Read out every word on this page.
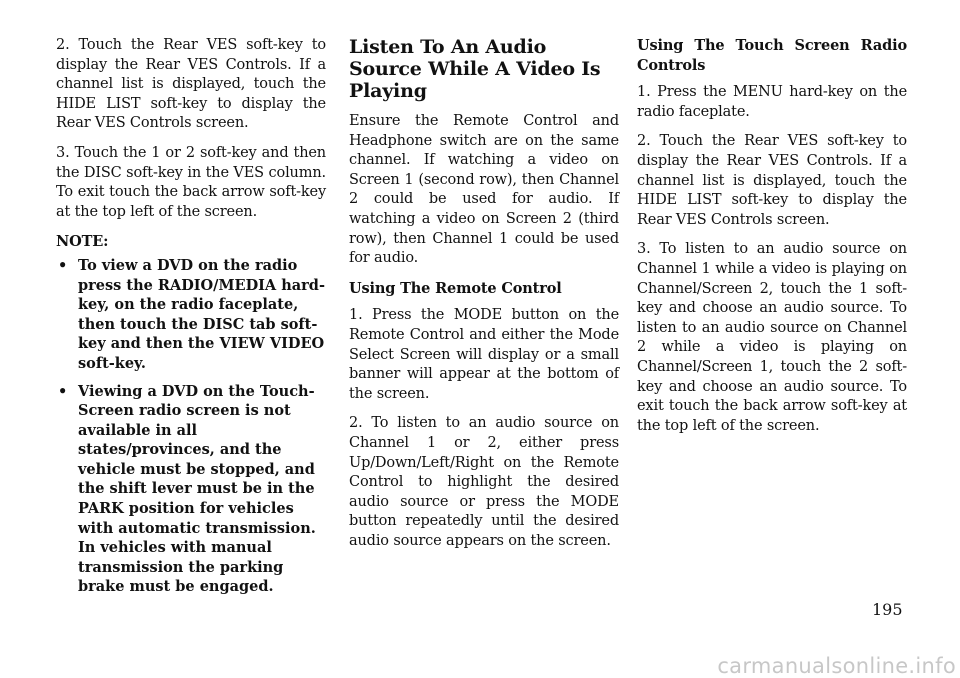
2. Touch the Rear VES soft-key to display the Rear VES Controls. If a channel list is displayed, touch the HIDE LIST soft-key to display the Rear VES Controls screen.

3. Touch the 1 or 2 soft-key and then the DISC soft-key in the VES column. To exit touch the back arrow soft-key at the top left of the screen.

NOTE:

• To view a DVD on the radio press the RADIO/MEDIA hard-key, on the radio faceplate, then touch the DISC tab soft-key and then the VIEW VIDEO soft-key.
• Viewing a DVD on the Touch-Screen radio screen is not available in all states/provinces, and the vehicle must be stopped, and the shift lever must be in the PARK position for vehicles with automatic transmission. In vehicles with manual transmission the parking brake must be engaged.
Listen To An Audio Source While A Video Is Playing

Ensure the Remote Control and Headphone switch are on the same channel. If watching a video on Screen 1 (second row), then Channel 2 could be used for audio. If watching a video on Screen 2 (third row), then Channel 1 could be used for audio.

Using The Remote Control

1. Press the MODE button on the Remote Control and either the Mode Select Screen will display or a small banner will appear at the bottom of the screen.

2. To listen to an audio source on Channel 1 or 2, either press Up/Down/Left/Right on the Remote Control to highlight the desired audio source or press the MODE button repeatedly until the desired audio source appears on the screen.

Using The Touch Screen Radio Controls

1. Press the MENU hard-key on the radio faceplate.

2. Touch the Rear VES soft-key to display the Rear VES Controls. If a channel list is displayed, touch the HIDE LIST soft-key to display the Rear VES Controls screen.

3. To listen to an audio source on Channel 1 while a video is playing on Channel/Screen 2, touch the 1 soft-key and choose an audio source. To listen to an audio source on Channel 2 while a video is playing on Channel/Screen 1, touch the 2 soft-key and choose an audio source. To exit touch the back arrow soft-key at the top left of the screen.

195
carmanualsonline.info
